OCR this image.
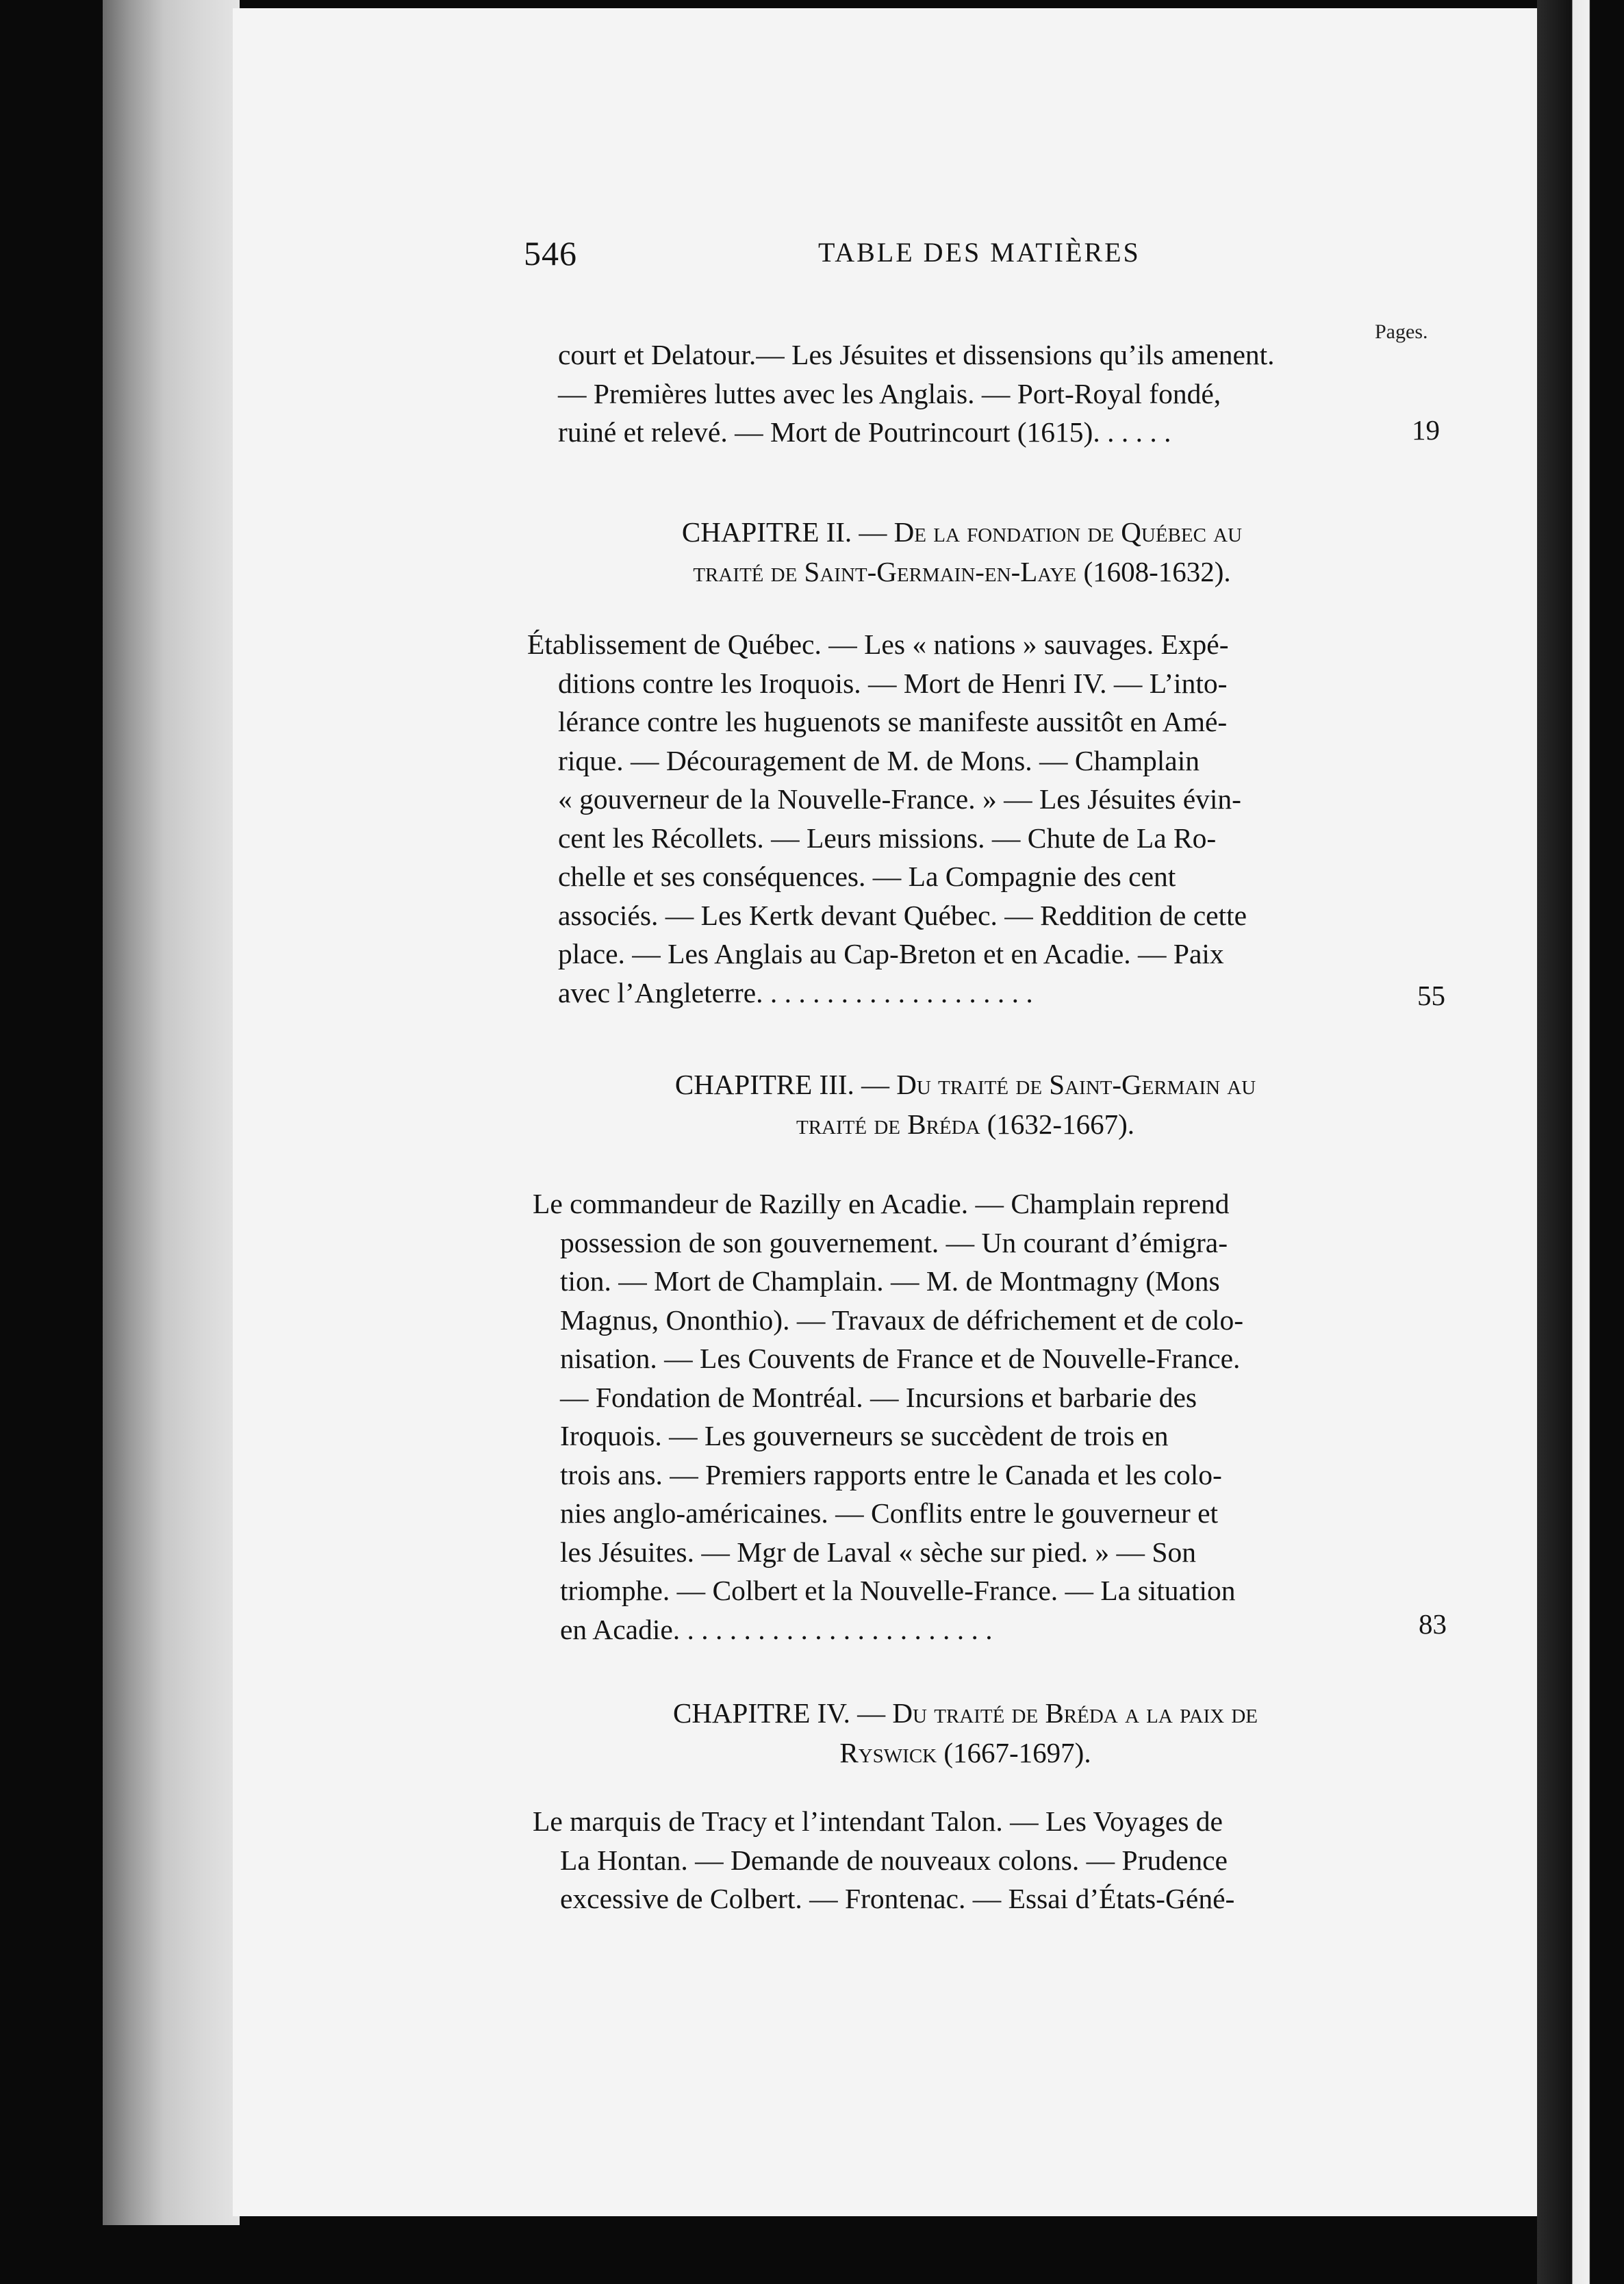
546	TABLE DES MATIÈRES
Pages.
court et Delatour.— Les Jésuites et dissensions qu’ils amenent.
— Premières luttes avec les Anglais. — Port-Royal fondé,
ruiné et relevé. — Mort de Poutrincourt (1615). . . . . .	19
CHAPITRE II. — De la fondation de Québec au
traité de Saint-Germain-en-Laye (1608-1632).
Établissement de Québec. — Les « nations » sauvages. Expé-
ditions contre les Iroquois. — Mort de Henri IV. — L’into-
lérance contre les huguenots se manifeste aussitôt en Amé-
rique. — Découragement de M. de Mons. — Champlain
« gouverneur de la Nouvelle-France. » — Les Jésuites évin-
cent les Récollets. — Leurs missions. — Chute de La Ro-
chelle et ses conséquences. — La Compagnie des cent
associés. — Les Kertk devant Québec. — Reddition de cette
place. — Les Anglais au Cap-Breton et en Acadie. — Paix
avec l’Angleterre. . . . . . . . . . . . . . . . . . . .	55
CHAPITRE III. — Du traité de Saint-Germain au
traité de Bréda (1632-1667).
Le commandeur de Razilly en Acadie. — Champlain reprend
possession de son gouvernement. — Un courant d’émigra-
tion. — Mort de Champlain. — M. de Montmagny (Mons
Magnus, Ononthio). — Travaux de défrichement et de colo-
nisation. — Les Couvents de France et de Nouvelle-France.
— Fondation de Montréal. — Incursions et barbarie des
Iroquois. — Les gouverneurs se succèdent de trois en
trois ans. — Premiers rapports entre le Canada et les colo-
nies anglo-américaines. — Conflits entre le gouverneur et
les Jésuites. — Mgr de Laval « sèche sur pied. » — Son
triomphe. — Colbert et la Nouvelle-France. — La situation
en Acadie. . . . . . . . . . . . . . . . . . . . . . .	83
CHAPITRE IV. — Du traité de Bréda a la paix de
Ryswick (1667-1697).
Le marquis de Tracy et l’intendant Talon. — Les Voyages de
La Hontan. — Demande de nouveaux colons. — Prudence
excessive de Colbert. — Frontenac. — Essai d’États-Géné-
